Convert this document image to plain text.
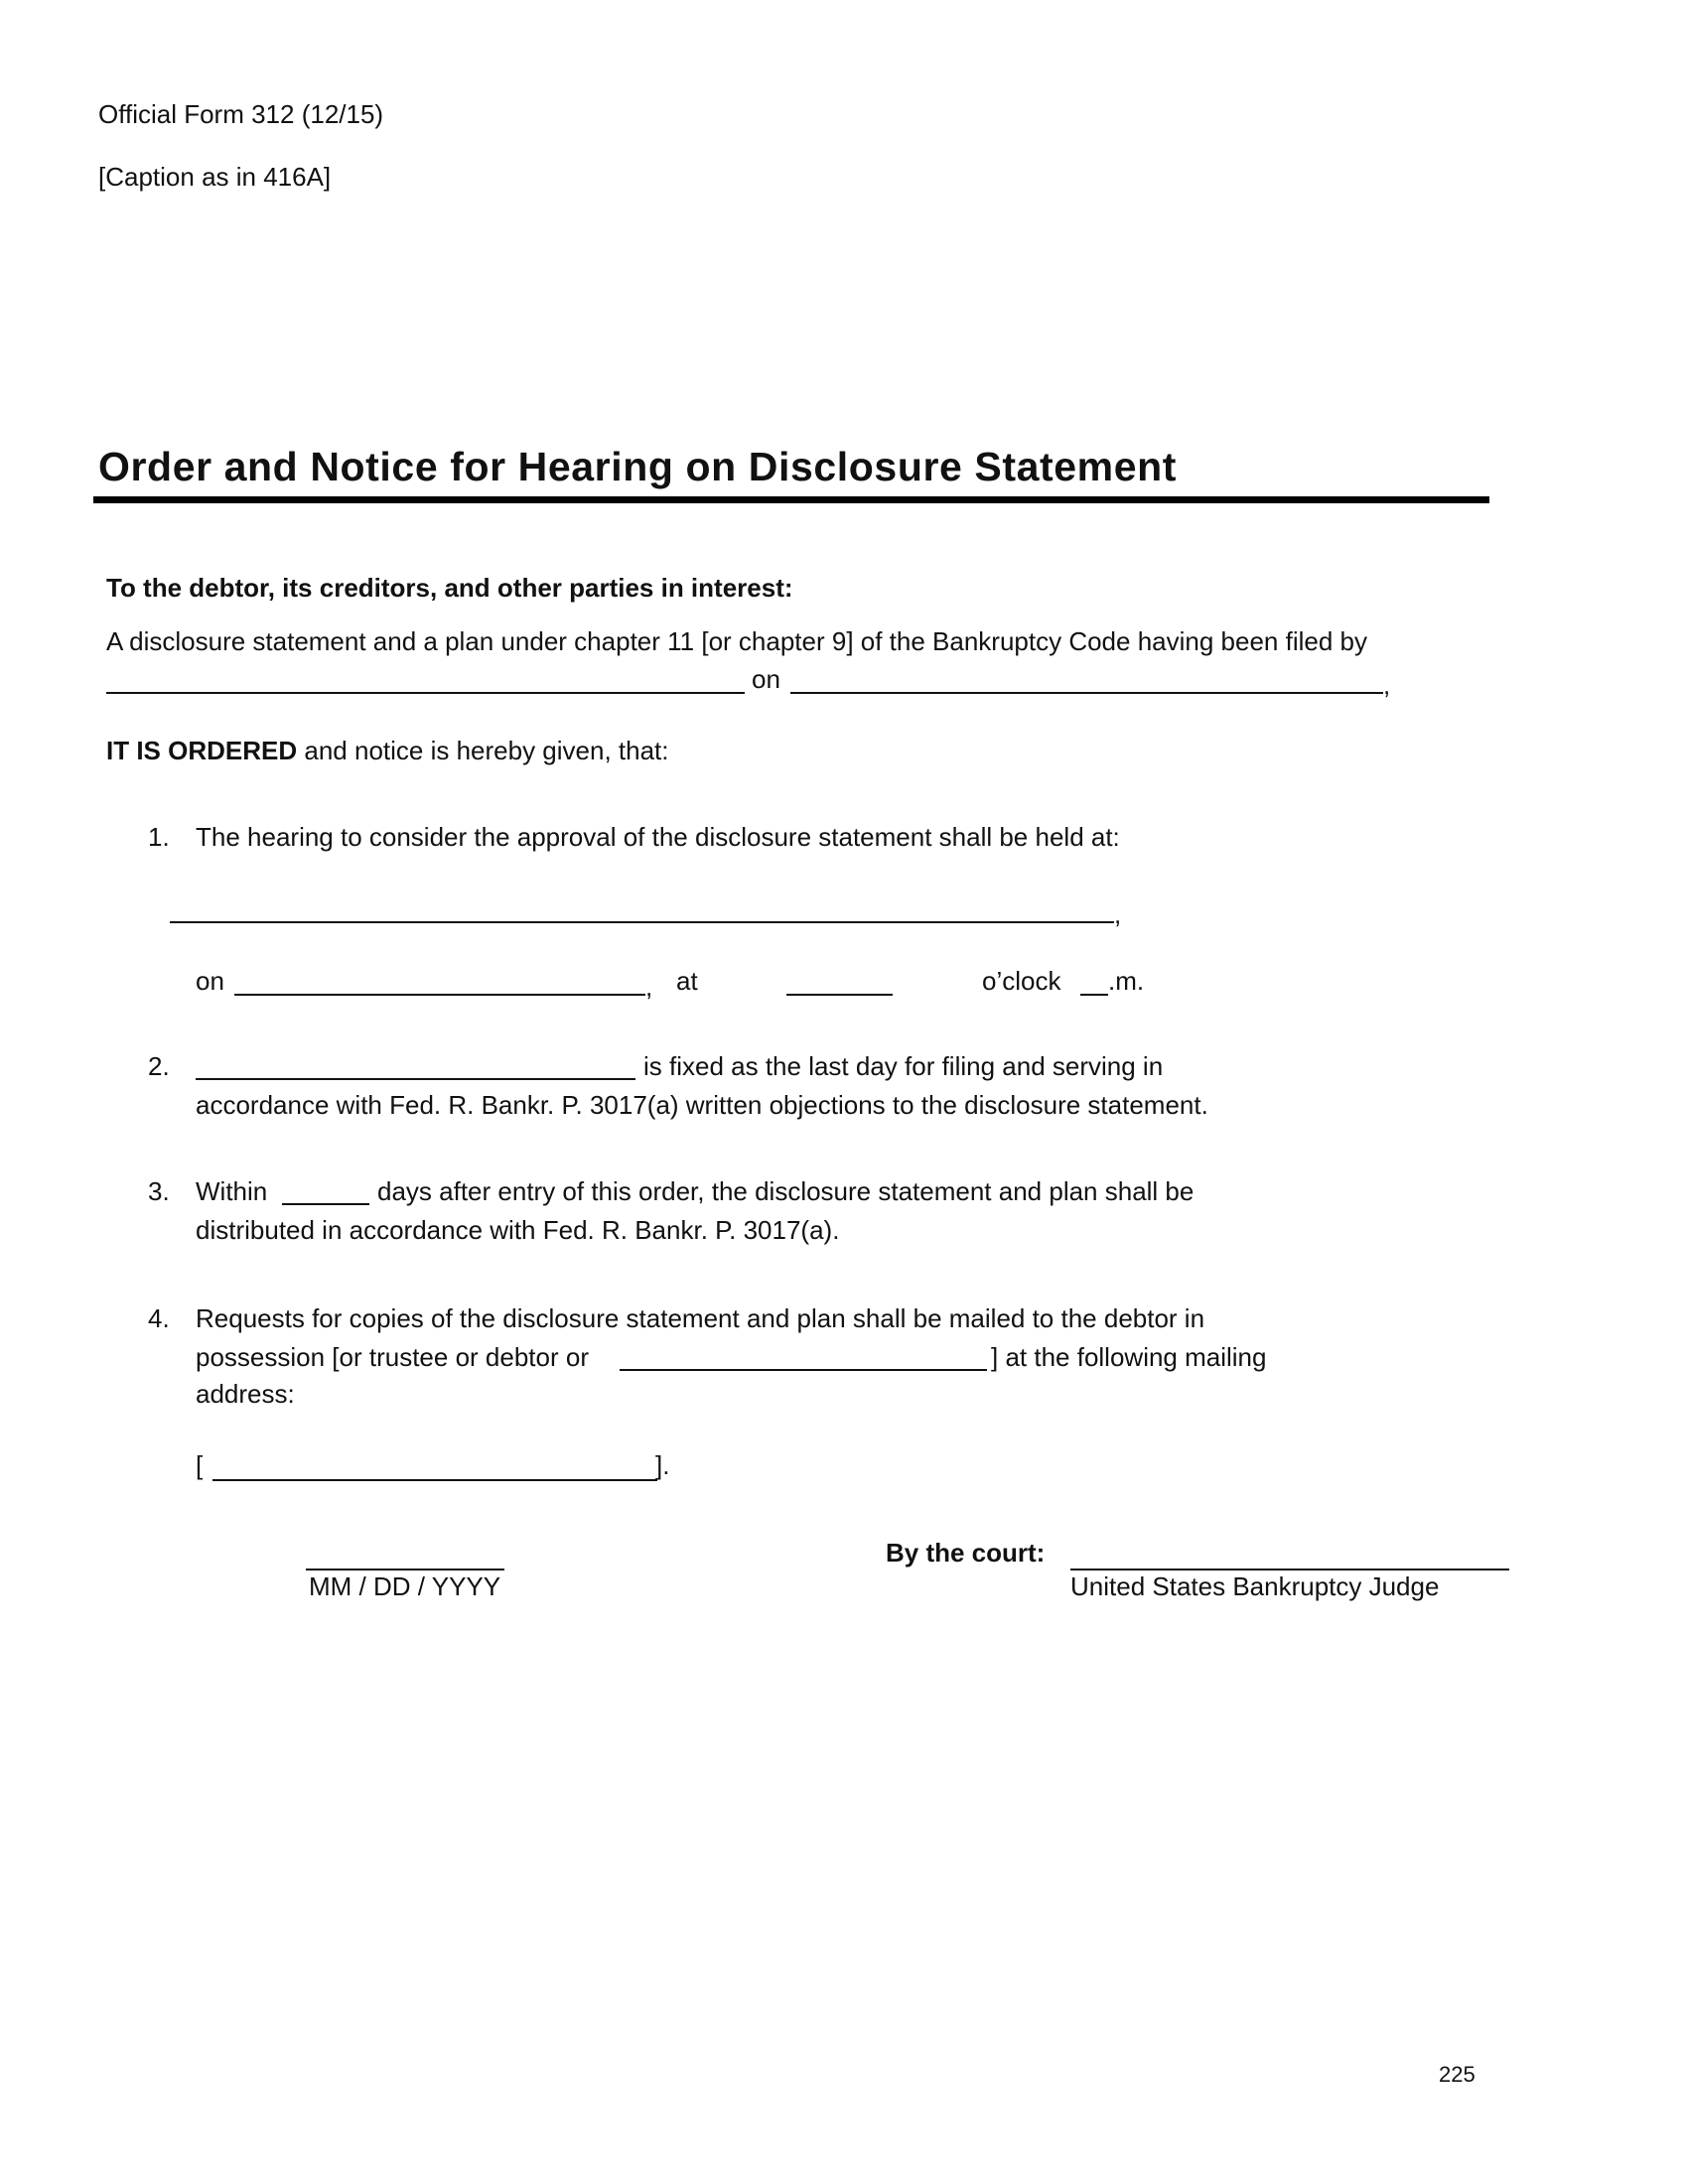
Official Form 312 (12/15)
[Caption as in 416A]
Order and Notice for Hearing on Disclosure Statement
To the debtor, its creditors, and other parties in interest:
A disclosure statement and a plan under chapter 11 [or chapter 9] of the Bankruptcy Code having been filed by
on	,
IT IS ORDERED and notice is hereby given, that:
1. The hearing to consider the approval of the disclosure statement shall be held at:
,
on	, at	o’clock .m.
2.	is fixed as the last day for filing and serving in
accordance with Fed. R. Bankr. P. 3017(a) written objections to the disclosure statement.
3. Within	days after entry of this order, the disclosure statement and plan shall be
distributed in accordance with Fed. R. Bankr. P. 3017(a).
4. Requests for copies of the disclosure statement and plan shall be mailed to the debtor in
possession [or trustee or debtor or	] at the following mailing
address:
[	].
MM / DD / YYYY
By the court:
United States Bankruptcy Judge
225
